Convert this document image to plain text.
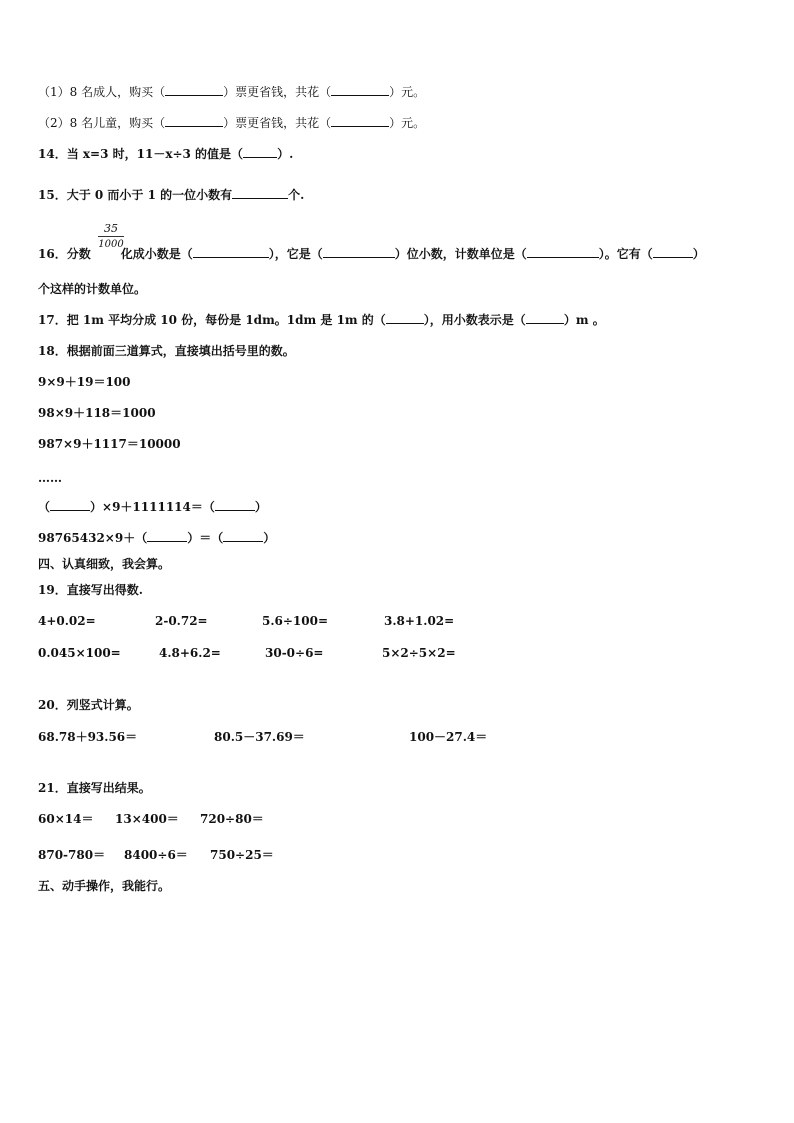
（1）8 名成人，购买（	）票更省钱，共花（	）元。
（2）8 名儿童，购买（	）票更省钱，共花（	）元。
14．当 x=3 时，11－x÷3 的值是（	）.
15．大于 0 而小于 1 的一位小数有	个.
35
1000
16．分数	化成小数是（	），它是（	）位小数，计数单位是（	）。它有（	）
个这样的计数单位。
17．把 1m 平均分成 10 份，每份是 1dm。1dm 是 1m 的（	），用小数表示是（	）m 。
18．根据前面三道算式，直接填出括号里的数。
9×9＋19＝100
98×9＋118＝1000
987×9＋1117＝10000
……
（	）×9＋1111114＝（	）
98765432×9＋（	）＝（	）
四、认真细致，我会算。
19．直接写出得数.
4+0.02=	2-0.72=	5.6÷100=	3.8+1.02=
0.045×100=	4.8+6.2=	30-0÷6=	5×2÷5×2=
20．列竖式计算。
68.78＋93.56＝	80.5－37.69＝	100－27.4＝
21．直接写出结果。
60×14＝ 13×400＝ 720÷80＝
870-780＝ 8400÷6＝ 750÷25＝
五、动手操作，我能行。
